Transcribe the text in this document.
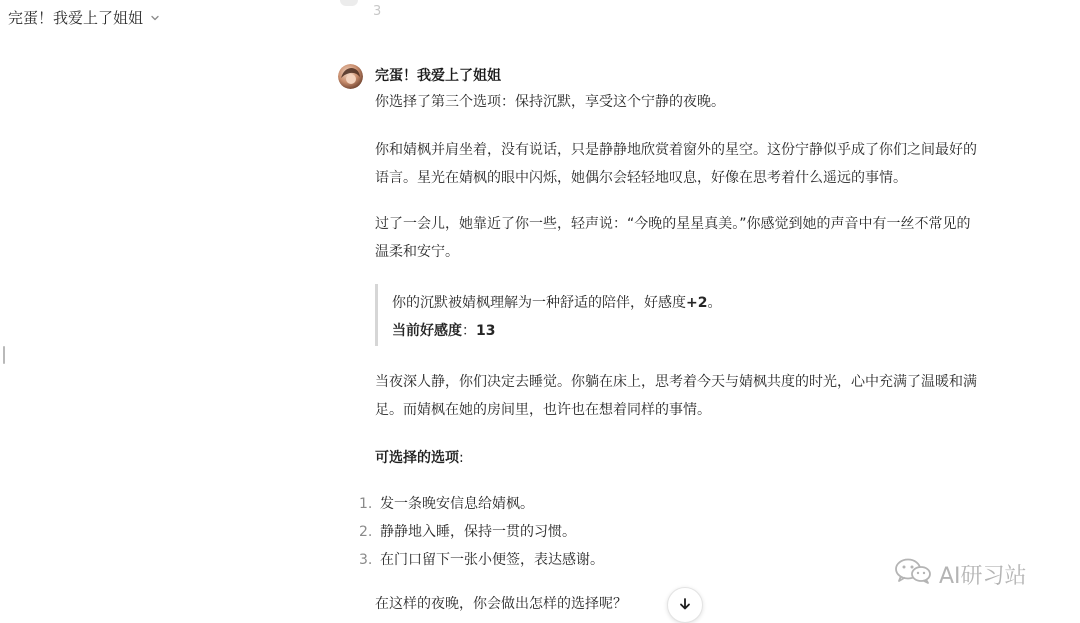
完蛋！我爱上了姐姐	3
完蛋！我爱上了姐姐
你选择了第三个选项：保持沉默，享受这个宁静的夜晚。
你和婧枫并肩坐着，没有说话，只是静静地欣赏着窗外的星空。这份宁静似乎成了你们之间最好的
语言。星光在婧枫的眼中闪烁，她偶尔会轻轻地叹息，好像在思考着什么遥远的事情。
过了一会儿，她靠近了你一些，轻声说：“今晚的星星真美。”你感觉到她的声音中有一丝不常见的
温柔和安宁。
你的沉默被婧枫理解为一种舒适的陪伴，好感度+2。
当前好感度：13
当夜深人静，你们决定去睡觉。你躺在床上，思考着今天与婧枫共度的时光，心中充满了温暖和满
足。而婧枫在她的房间里，也许也在想着同样的事情。
可选择的选项:
1. 发一条晚安信息给婧枫。
2. 静静地入睡，保持一贯的习惯。
3. 在门口留下一张小便签，表达感谢。
在这样的夜晚，你会做出怎样的选择呢？
AI研习站
